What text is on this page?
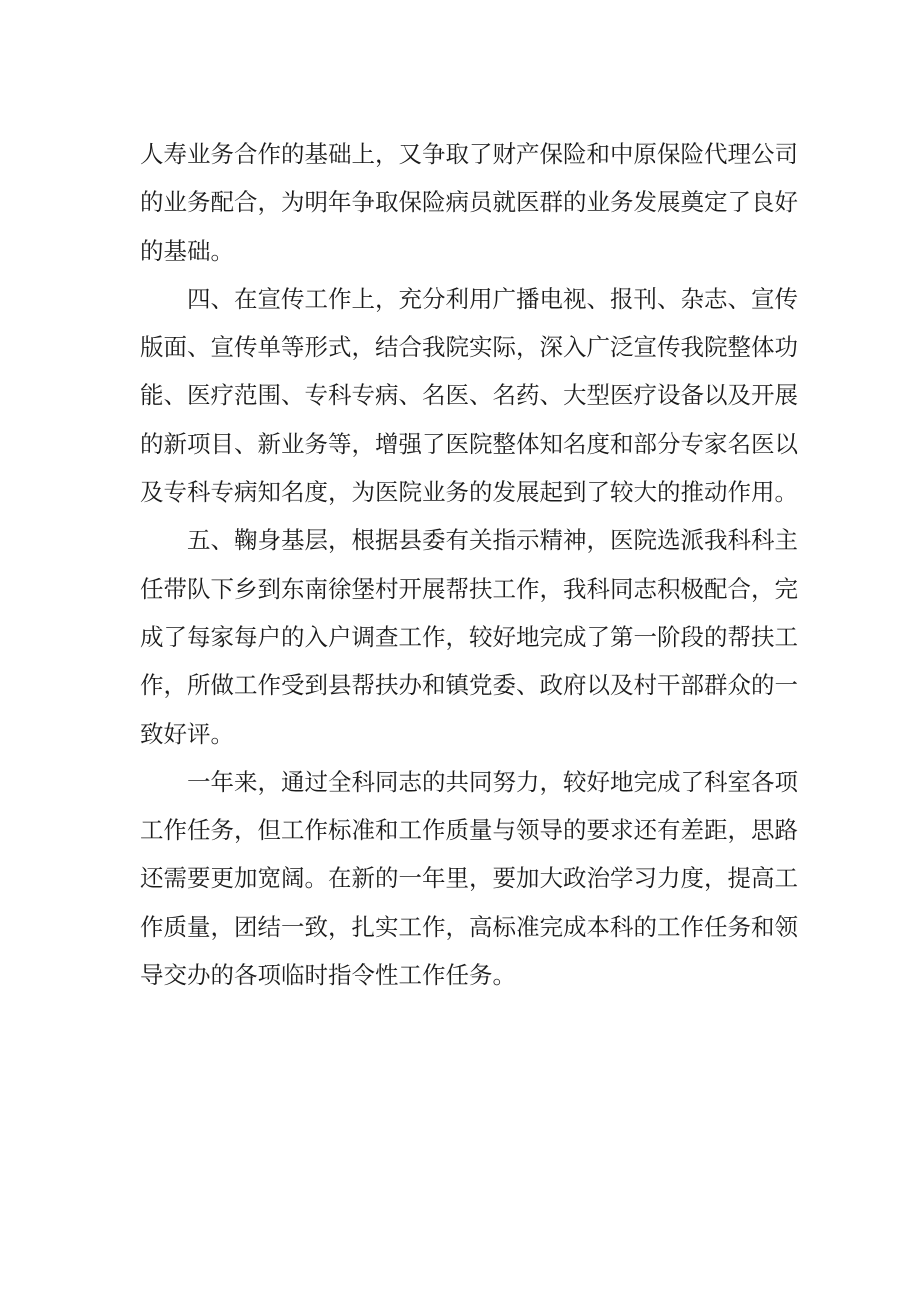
人寿业务合作的基础上，又争取了财产保险和中原保险代理公司
的业务配合，为明年争取保险病员就医群的业务发展奠定了良好
的基础。
四、在宣传工作上，充分利用广播电视、报刊、杂志、宣传
版面、宣传单等形式，结合我院实际，深入广泛宣传我院整体功
能、医疗范围、专科专病、名医、名药、大型医疗设备以及开展
的新项目、新业务等，增强了医院整体知名度和部分专家名医以
及专科专病知名度，为医院业务的发展起到了较大的推动作用。
五、鞠身基层，根据县委有关指示精神，医院选派我科科主
任带队下乡到东南徐堡村开展帮扶工作，我科同志积极配合，完
成了每家每户的入户调查工作，较好地完成了第一阶段的帮扶工
作，所做工作受到县帮扶办和镇党委、政府以及村干部群众的一
致好评。
一年来，通过全科同志的共同努力，较好地完成了科室各项
工作任务，但工作标准和工作质量与领导的要求还有差距，思路
还需要更加宽阔。在新的一年里，要加大政治学习力度，提高工
作质量，团结一致，扎实工作，高标准完成本科的工作任务和领
导交办的各项临时指令性工作任务。
